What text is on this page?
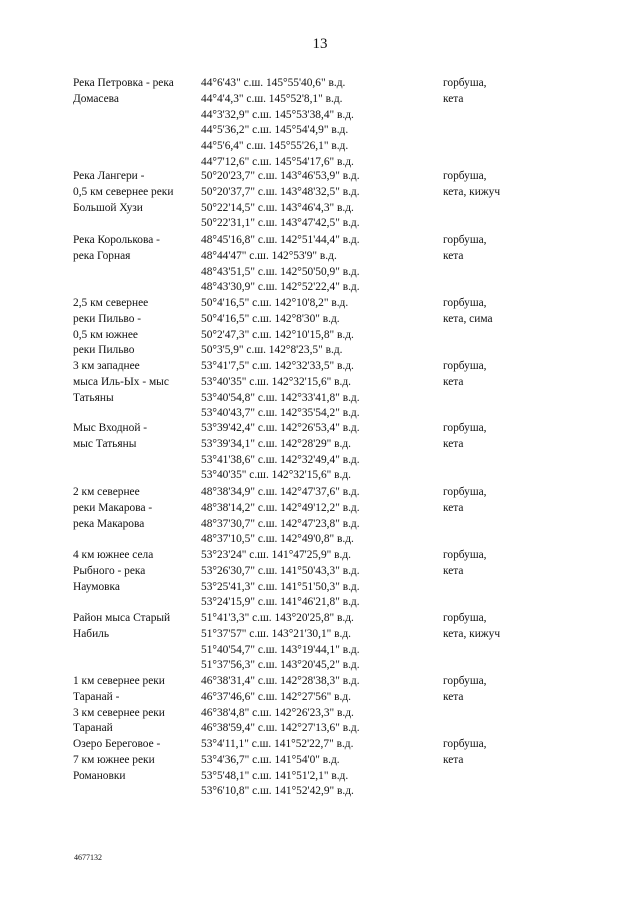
13
Река Петровка - река
Домасева
44°6'43" с.ш. 145°55'40,6" в.д.
44°4'4,3" с.ш. 145°52'8,1" в.д.
44°3'32,9" с.ш. 145°53'38,4" в.д.
44°5'36,2" с.ш. 145°54'4,9" в.д.
44°5'6,4" с.ш. 145°55'26,1" в.д.
44°7'12,6" с.ш. 145°54'17,6" в.д.
горбуша,
кета
Река Лангери -
0,5 км севернее реки
Большой Хузи
50°20'23,7" с.ш. 143°46'53,9" в.д.
50°20'37,7" с.ш. 143°48'32,5" в.д.
50°22'14,5" с.ш. 143°46'4,3" в.д.
50°22'31,1" с.ш. 143°47'42,5" в.д.
горбуша,
кета, кижуч
Река Королькова -
река Горная
48°45'16,8" с.ш. 142°51'44,4" в.д.
48°44'47" с.ш. 142°53'9" в.д.
48°43'51,5" с.ш. 142°50'50,9" в.д.
48°43'30,9" с.ш. 142°52'22,4" в.д.
горбуша,
кета
2,5 км севернее
реки Пильво -
0,5 км южнее
реки Пильво
50°4'16,5" с.ш. 142°10'8,2" в.д.
50°4'16,5" с.ш. 142°8'30" в.д.
50°2'47,3" с.ш. 142°10'15,8" в.д.
50°3'5,9" с.ш. 142°8'23,5" в.д.
горбуша,
кета, сима
3 км западнее
мыса Иль-Ых - мыс
Татьяны
53°41'7,5" с.ш. 142°32'33,5" в.д.
53°40'35" с.ш. 142°32'15,6" в.д.
53°40'54,8" с.ш. 142°33'41,8" в.д.
53°40'43,7" с.ш. 142°35'54,2" в.д.
горбуша,
кета
Мыс Входной -
мыс Татьяны
53°39'42,4" с.ш. 142°26'53,4" в.д.
53°39'34,1" с.ш. 142°28'29" в.д.
53°41'38,6" с.ш. 142°32'49,4" в.д.
53°40'35" с.ш. 142°32'15,6" в.д.
горбуша,
кета
2 км севернее
реки Макарова -
река Макарова
48°38'34,9" с.ш. 142°47'37,6" в.д.
48°38'14,2" с.ш. 142°49'12,2" в.д.
48°37'30,7" с.ш. 142°47'23,8" в.д.
48°37'10,5" с.ш. 142°49'0,8" в.д.
горбуша,
кета
4 км южнее села
Рыбного - река
Наумовка
53°23'24" с.ш. 141°47'25,9" в.д.
53°26'30,7" с.ш. 141°50'43,3" в.д.
53°25'41,3" с.ш. 141°51'50,3" в.д.
53°24'15,9" с.ш. 141°46'21,8" в.д.
горбуша,
кета
Район мыса Старый
Набиль
51°41'3,3" с.ш. 143°20'25,8" в.д.
51°37'57" с.ш. 143°21'30,1" в.д.
51°40'54,7" с.ш. 143°19'44,1" в.д.
51°37'56,3" с.ш. 143°20'45,2" в.д.
горбуша,
кета, кижуч
1 км севернее реки
Таранай -
3 км севернее реки
Таранай
46°38'31,4" с.ш. 142°28'38,3" в.д.
46°37'46,6" с.ш. 142°27'56" в.д.
46°38'4,8" с.ш. 142°26'23,3" в.д.
46°38'59,4" с.ш. 142°27'13,6" в.д.
горбуша,
кета
Озеро Береговое -
7 км южнее реки
Романовки
53°4'11,1" с.ш. 141°52'22,7" в.д.
53°4'36,7" с.ш. 141°54'0" в.д.
53°5'48,1" с.ш. 141°51'2,1" в.д.
53°6'10,8" с.ш. 141°52'42,9" в.д.
горбуша,
кета
4677132
